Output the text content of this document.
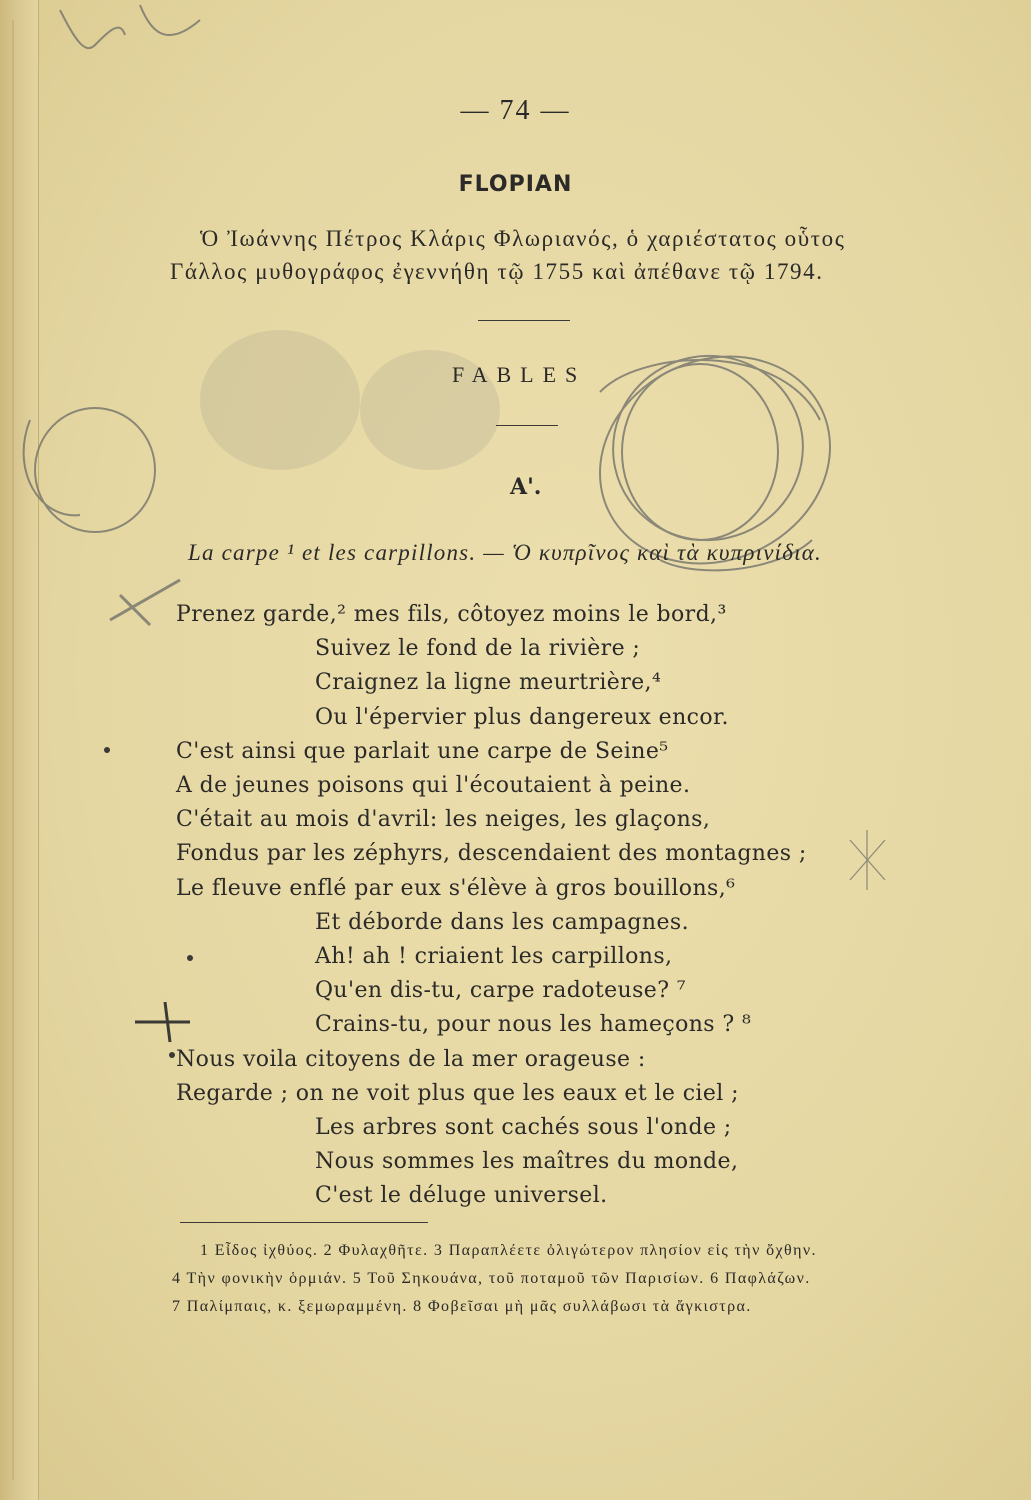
— 74 —
FLOPIAN
Ὁ Ἰωάννης Πέτρος Κλάρις Φλωριανός, ὁ χαριέστατος οὗτος
Γάλλος μυθογράφος ἐγεννήθη τῷ 1755 καὶ ἀπέθανε τῷ 1794.
FABLES
A'.
La carpe ¹ et les carpillons. — Ὁ κυπρῖνος καὶ τὰ κυπρινίδια.
Prenez garde,² mes fils, côtoyez moins le bord,³
Suivez le fond de la rivière ;
Craignez la ligne meurtrière,⁴
Ou l'épervier plus dangereux encor.
C'est ainsi que parlait une carpe de Seine⁵
A de jeunes poisons qui l'écoutaient à peine.
C'était au mois d'avril: les neiges, les glaçons,
Fondus par les zéphyrs, descendaient des montagnes ;
Le fleuve enflé par eux s'élève à gros bouillons,⁶
Et déborde dans les campagnes.
Ah! ah ! criaient les carpillons,
Qu'en dis-tu, carpe radoteuse? ⁷
Crains-tu, pour nous les hameçons ? ⁸
Nous voila citoyens de la mer orageuse :
Regarde ; on ne voit plus que les eaux et le ciel ;
Les arbres sont cachés sous l'onde ;
Nous sommes les maîtres du monde,
C'est le déluge universel.
1 Εἶδος ἰχθύος. 2 Φυλαχθῆτε. 3 Παραπλέετε ὀλιγώτερον πλησίον εἰς τὴν ὄχθην.
4 Τὴν φονικὴν ὁρμιάν. 5 Τοῦ Σηκουάνα, τοῦ ποταμοῦ τῶν Παρισίων. 6 Παφλάζων.
7 Παλίμπαις, κ. ξεμωραμμένη. 8 Φοβεῖσαι μὴ μᾶς συλλάβωσι τὰ ἄγκιστρα.
